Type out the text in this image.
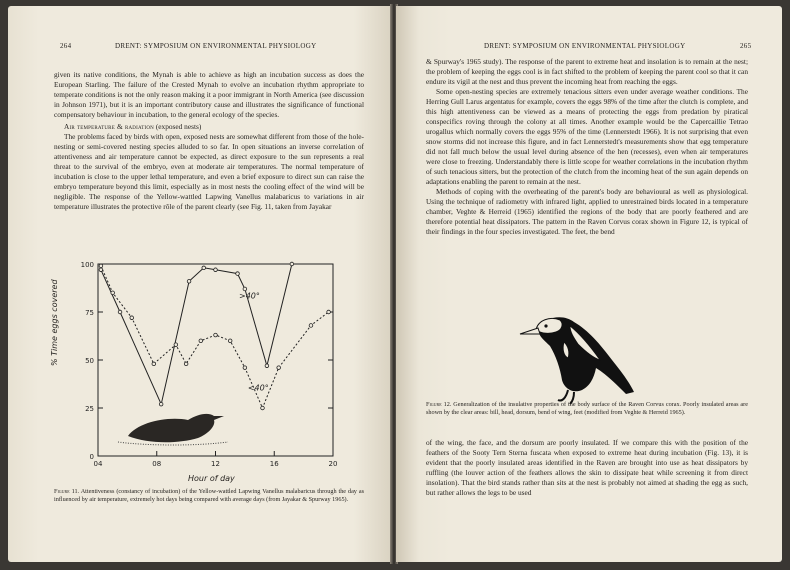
264	DRENT: SYMPOSIUM ON ENVIRONMENTAL PHYSIOLOGY

given its native conditions, the Mynah is able to achieve as high an incubation success as does the European Starling. The failure of the Crested Mynah to evolve an incubation rhythm appropriate to temperate conditions is not the only reason making it a poor immigrant in North America (see discussion in Johnson 1971), but it is an important contributory cause and illustrates the significance of functional compensatory behaviour in incubation, to the general ecology of the species.

Air temperature & radiation (exposed nests)

The problems faced by birds with open, exposed nests are somewhat different from those of the hole-nesting or semi-covered nesting species alluded to so far. In open situations an inverse correlation of attentiveness and air temperature cannot be expected, as direct exposure to the sun represents a real threat to the survival of the embryo, even at moderate air temperatures. The normal temperature of incubation is close to the upper lethal temperature, and even a brief exposure to direct sun can raise the embryo temperature beyond this limit, especially as in most nests the cooling effect of the wind will be negligible. The response of the Yellow-wattled Lapwing Vanellus malabaricus to variations in air temperature illustrates the protective rôle of the parent clearly (see Fig. 11, taken from Jayakar

0
25
50
75
100
04	08	12	16	20
>40°
<40°
% Time eggs covered
Hour of day
Figure 11. Attentiveness (constancy of incubation) of the Yellow-wattled Lapwing Vanellus malabaricus through the day as influenced by air temperature, extremely hot days being compared with average days (from Jayakar & Spurway 1965).
DRENT: SYMPOSIUM ON ENVIRONMENTAL PHYSIOLOGY	265

& Spurway's 1965 study). The response of the parent to extreme heat and insolation is to remain at the nest; the problem of keeping the eggs cool is in fact shifted to the problem of keeping the parent cool so that it can endure its vigil at the nest and thus prevent the incoming heat from reaching the eggs.

Some open-nesting species are extremely tenacious sitters even under average weather conditions. The Herring Gull Larus argentatus for example, covers the eggs 98% of the time after the clutch is complete, and this high attentiveness can be viewed as a means of protecting the eggs from predation by piratical conspecifics roving through the colony at all times. Another example would be the Capercaillie Tetrao urogallus which normally covers the eggs 95% of the time (Lennerstedt 1966). It is not surprising that even snow storms did not increase this figure, and in fact Lennerstedt's measurements show that egg temperature did not fall much below the usual level during absence of the hen (recesses), even when air temperatures were close to freezing. Understandably there is little scope for weather correlations in the incubation rhythm of such tenacious sitters, but the protection of the clutch from the incoming heat of the sun again depends on adaptations enabling the parent to remain at the nest.

Methods of coping with the overheating of the parent's body are behavioural as well as physiological. Using the technique of radiometry with infrared light, applied to unrestrained birds located in a temperature chamber, Veghte & Herreid (1965) identified the regions of the body that are poorly feathered and are therefore potential heat dissipators. The pattern in the Raven Corvus corax shown in Figure 12, is typical of their findings in the four species investigated. The feet, the bend

Figure 12. Generalization of the insulative properties of the body surface of the Raven Corvus corax. Poorly insulated areas are shown by the clear areas: bill, head, dorsum, bend of wing, feet (modified from Veghte & Herreid 1965).

of the wing, the face, and the dorsum are poorly insulated. If we compare this with the position of the feathers of the Sooty Tern Sterna fuscata when exposed to extreme heat during incubation (Fig. 13), it is evident that the poorly insulated areas identified in the Raven are brought into use as heat dissipators by ruffling (the louver action of the feathers allows the skin to dissipate heat while screening it from direct insolation). That the bird stands rather than sits at the nest is probably not aimed at shading the egg as such, but rather allows the legs to be used
